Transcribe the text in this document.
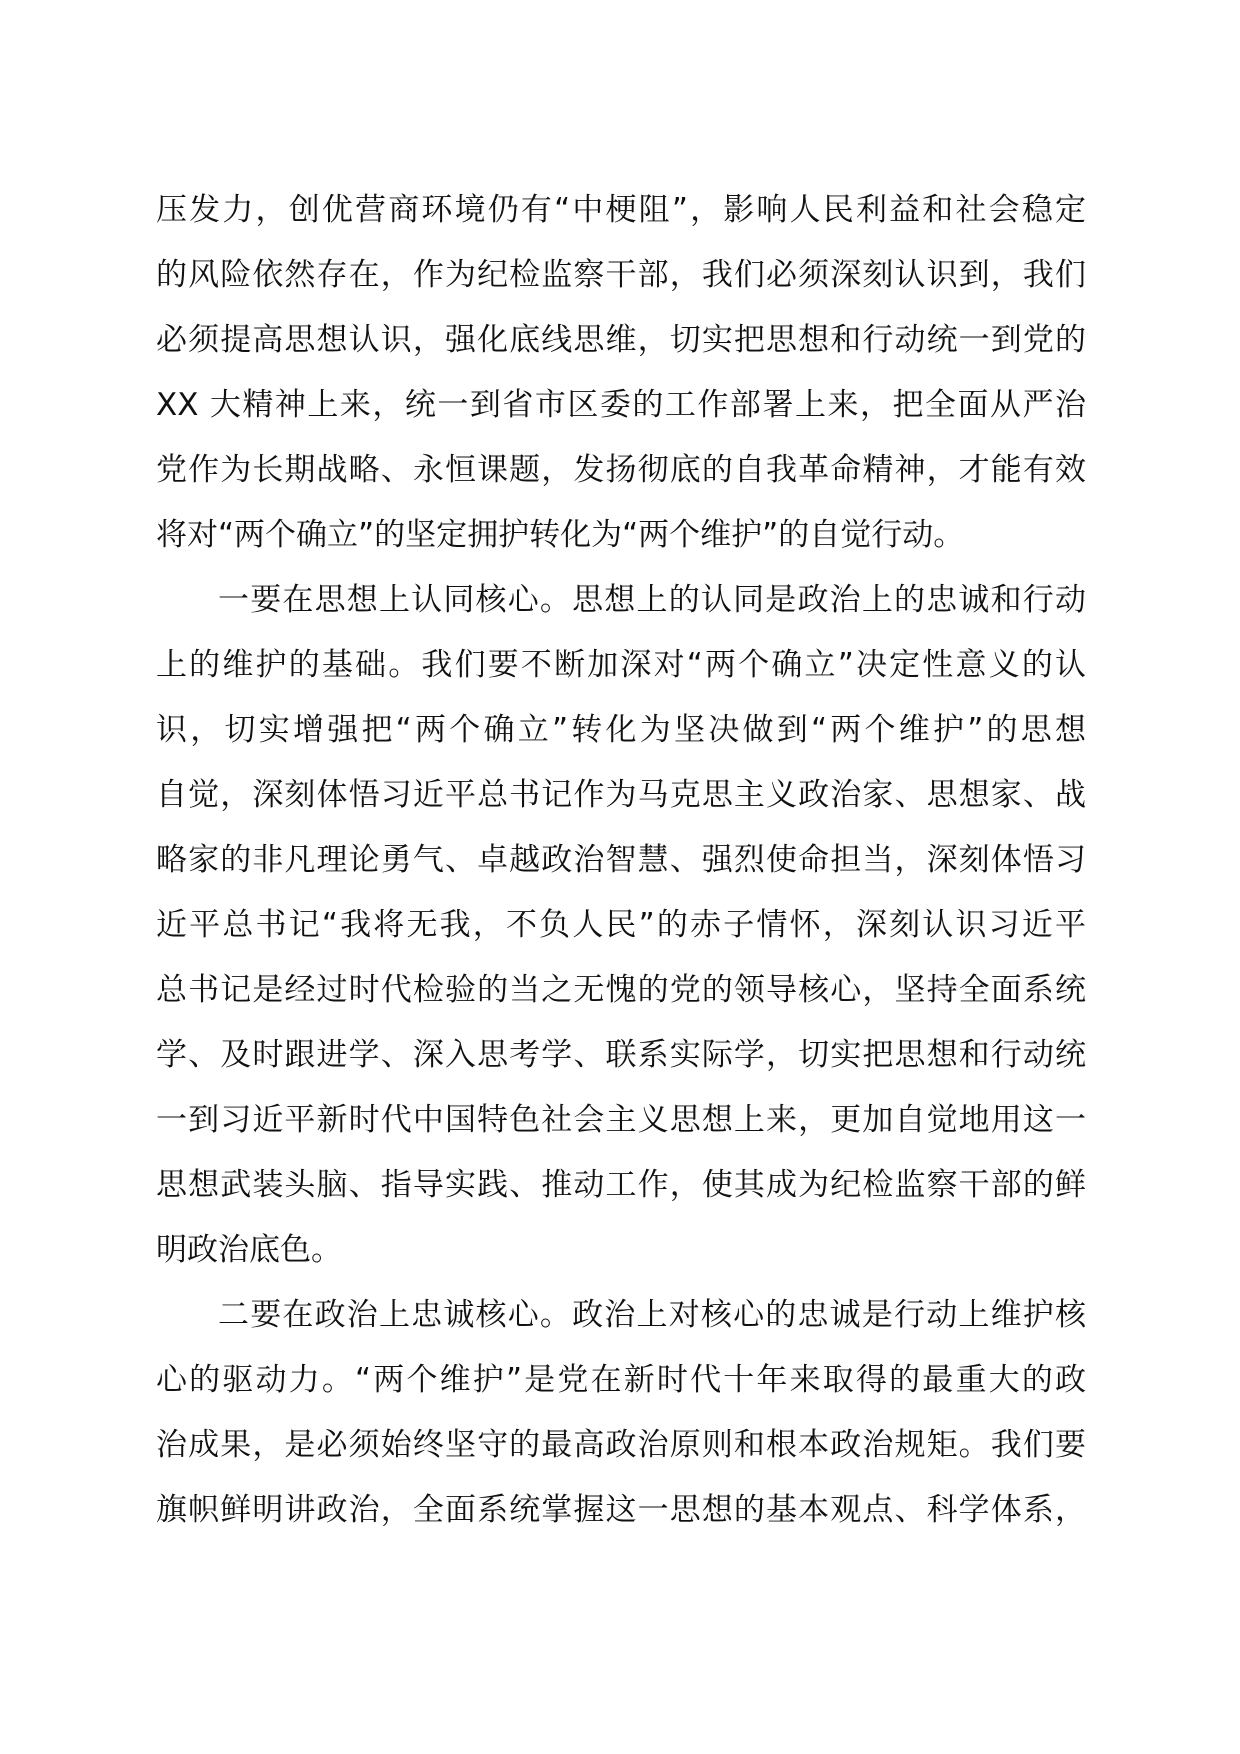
压发力，创优营商环境仍有“中梗阻”，影响人民利益和社会稳定
的风险依然存在，作为纪检监察干部，我们必须深刻认识到，我们
必须提高思想认识，强化底线思维，切实把思想和行动统一到党的
XX 大精神上来，统一到省市区委的工作部署上来，把全面从严治
党作为长期战略、永恒课题，发扬彻底的自我革命精神，才能有效
将对“两个确立”的坚定拥护转化为“两个维护”的自觉行动。
一要在思想上认同核心。思想上的认同是政治上的忠诚和行动
上的维护的基础。我们要不断加深对“两个确立”决定性意义的认
识，切实增强把“两个确立”转化为坚决做到“两个维护”的思想
自觉，深刻体悟习近平总书记作为马克思主义政治家、思想家、战
略家的非凡理论勇气、卓越政治智慧、强烈使命担当，深刻体悟习
近平总书记“我将无我，不负人民”的赤子情怀，深刻认识习近平
总书记是经过时代检验的当之无愧的党的领导核心，坚持全面系统
学、及时跟进学、深入思考学、联系实际学，切实把思想和行动统
一到习近平新时代中国特色社会主义思想上来，更加自觉地用这一
思想武装头脑、指导实践、推动工作，使其成为纪检监察干部的鲜
明政治底色。
二要在政治上忠诚核心。政治上对核心的忠诚是行动上维护核
心的驱动力。“两个维护”是党在新时代十年来取得的最重大的政
治成果，是必须始终坚守的最高政治原则和根本政治规矩。我们要
旗帜鲜明讲政治，全面系统掌握这一思想的基本观点、科学体系，
